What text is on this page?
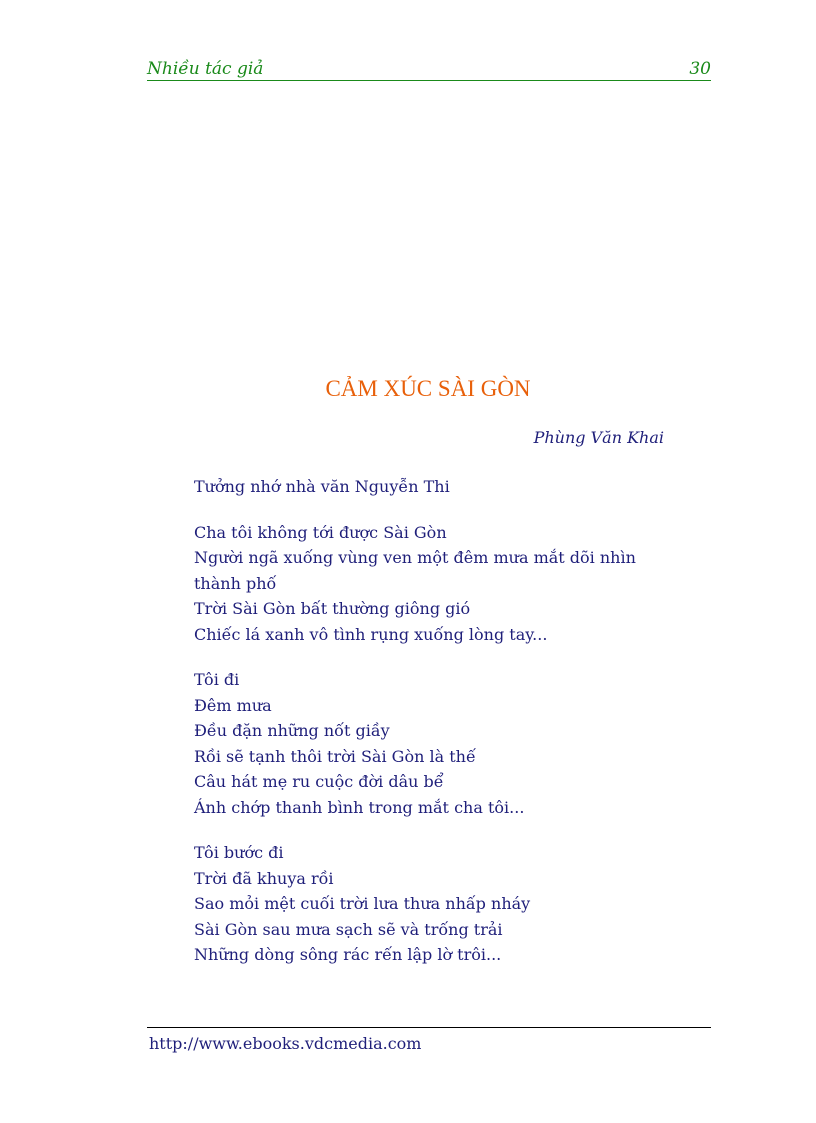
Nhiều tác giả	30
CẢM XÚC SÀI GÒN
Phùng Văn Khai
Tưởng nhớ nhà văn Nguyễn Thi
Cha tôi không tới được Sài Gòn
Người ngã xuống vùng ven một đêm mưa mắt dõi nhìn
thành phố
Trời Sài Gòn bất thường giông gió
Chiếc lá xanh vô tình rụng xuống lòng tay...
Tôi đi
Đêm mưa
Đều đặn những nốt giầy
Rồi sẽ tạnh thôi trời Sài Gòn là thế
Câu hát mẹ ru cuộc đời dâu bể
Ánh chớp thanh bình trong mắt cha tôi...
Tôi bước đi
Trời đã khuya rồi
Sao mỏi mệt cuối trời lưa thưa nhấp nháy
Sài Gòn sau mưa sạch sẽ và trống trải
Những dòng sông rác rến lập lờ trôi...
http://www.ebooks.vdcmedia.com
